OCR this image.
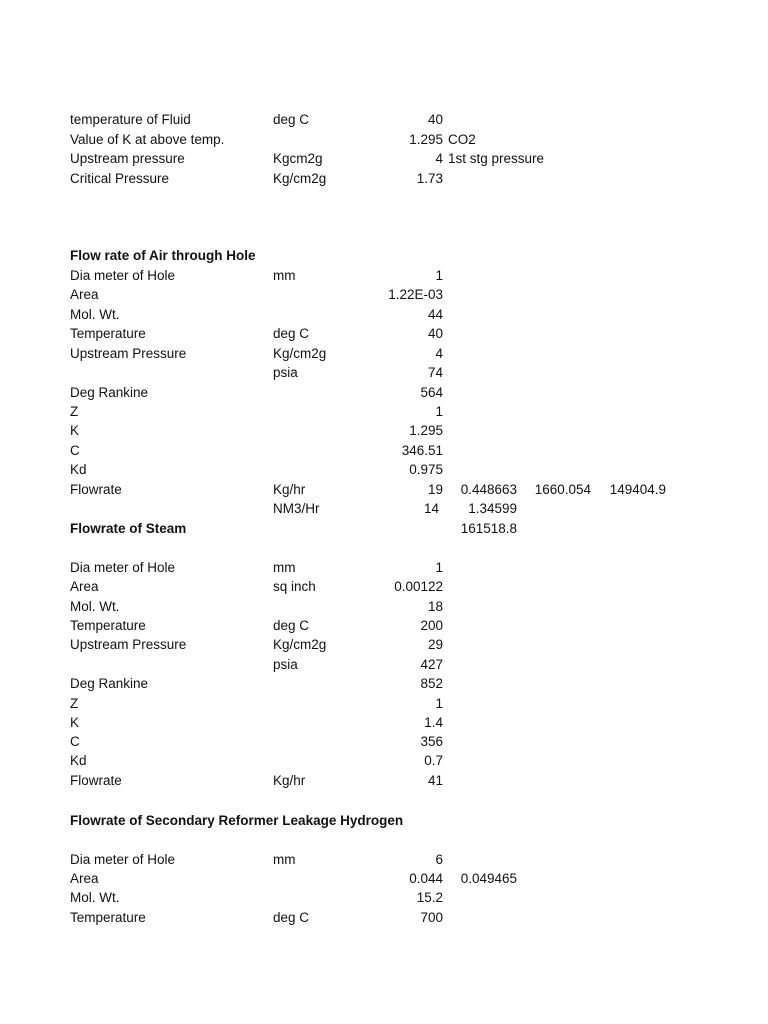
temperature of Fluid	deg C	40
Value of K at above temp.	1.295 CO2
Upstream pressure	Kgcm2g	4 1st stg pressure
Critical Pressure	Kg/cm2g	1.73
Flow rate of Air through Hole
Dia meter of Hole	mm	1
Area	1.22E-03
Mol. Wt.	44
Temperature	deg C	40
Upstream Pressure	Kg/cm2g	4
psia	74
Deg Rankine	564
Z	1
K	1.295
C	346.51
Kd	0.975
Flowrate	Kg/hr	19 0.448663 1660.054 149404.9
NM3/Hr	14 1.34599
Flowrate of Steam	161518.8
Dia meter of Hole	mm	1
Area	sq inch	0.00122
Mol. Wt.	18
Temperature	deg C	200
Upstream Pressure	Kg/cm2g	29
psia	427
Deg Rankine	852
Z	1
K	1.4
C	356
Kd	0.7
Flowrate	Kg/hr	41
Flowrate of Secondary Reformer Leakage Hydrogen
Dia meter of Hole	mm	6
Area	0.044 0.049465
Mol. Wt.	15.2
Temperature	deg C	700
